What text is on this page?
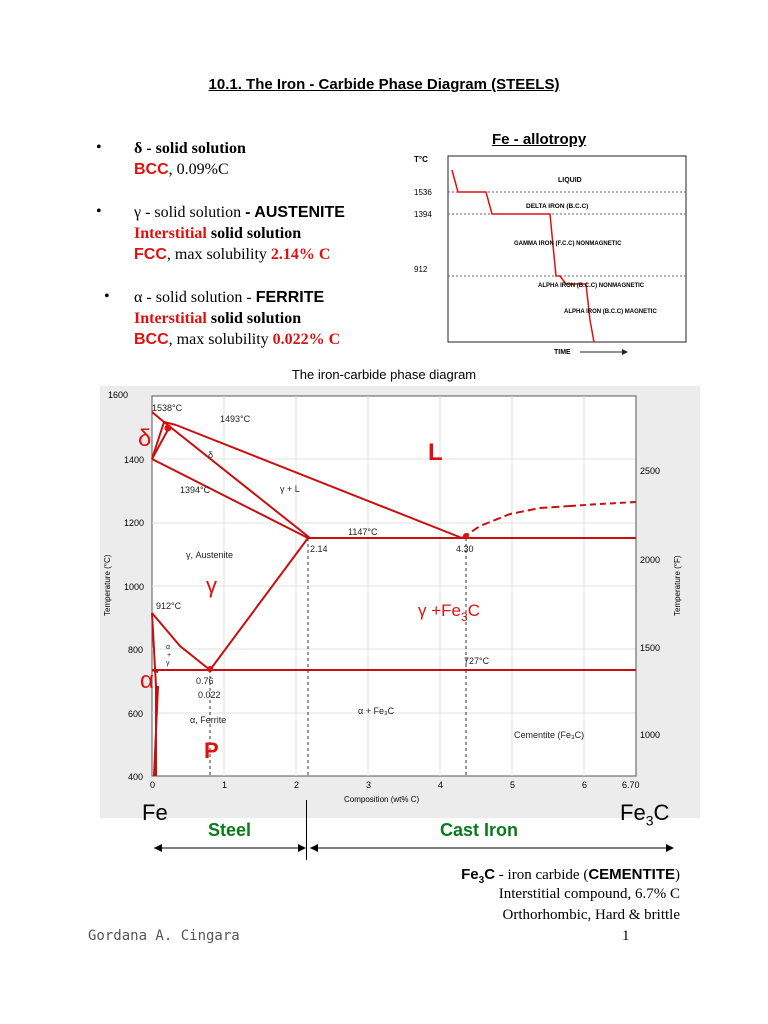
10.1. The Iron - Carbide Phase Diagram (STEELS)
• δ - solid solution
BCC, 0.09%C
• γ - solid solution - AUSTENITE
Interstitial solid solution
FCC, max solubility 2.14% C
• α - solid solution - FERRITE
Interstitial solid solution
BCC, max solubility 0.022% C
Fe - allotropy
T°C
1536
1394
912
LIQUID
DELTA IRON (B.C.C)
GAMMA IRON (F.C.C) NONMAGNETIC
ALPHA IRON (B.C.C) NONMAGNETIC
ALPHA IRON (B.C.C) MAGNETIC
TIME
The iron-carbide phase diagram
1600
1400
1200
1000
800
600
400
2500
2000
1500
1000
Temperature (°C)	Temperature (°F)
0	1	2	3	4	5	6	6.70
Composition (wt% C)
1538°C
1493°C
δ
1394°C	γ + L
1147°C
2.14	4.30
γ, Austenite
912°C
727°C
0.76
0.022
α
+
γ
α, Ferrite
α + Fe₃C
Cementite (Fe₃C)
δ
L
γ
$\gamma +Fe_3C$
α
P
Fe	$Fe_3C$
Steel	Cast Iron
$Fe_3C$ - iron carbide (CEMENTITE)
Interstitial compound, 6.7% C
Orthorhombic, Hard & brittle
Gordana A. Cingara	1
